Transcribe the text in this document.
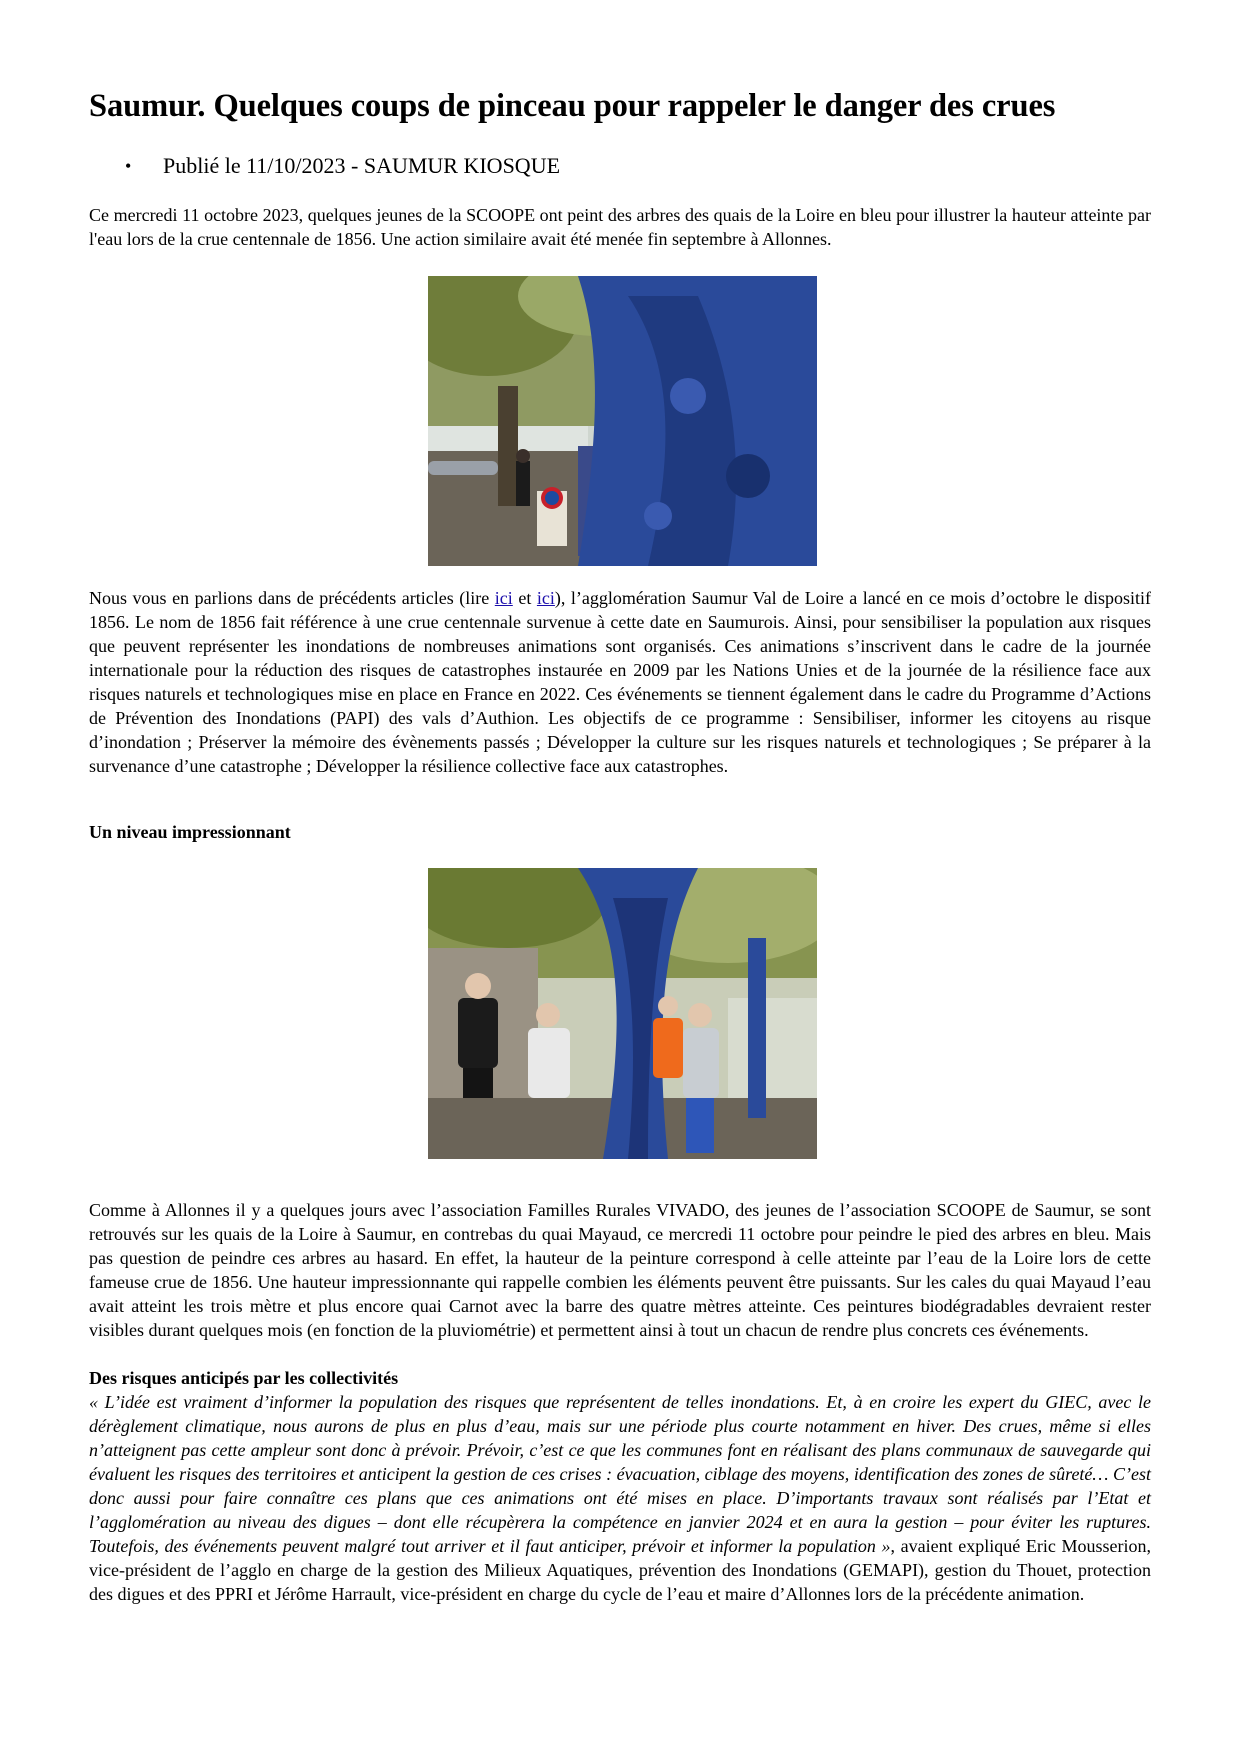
Saumur. Quelques coups de pinceau pour rappeler le danger des crues
• Publié le 11/10/2023 - SAUMUR KIOSQUE

Ce mercredi 11 octobre 2023, quelques jeunes de la SCOOPE ont peint des arbres des quais de la Loire en bleu pour illustrer la hauteur atteinte par l'eau lors de la crue centennale de 1856. Une action similaire avait été menée fin septembre à Allonnes.

Nous vous en parlions dans de précédents articles (lire ici et ici), l’agglomération Saumur Val de Loire a lancé en ce mois d’octobre le dispositif 1856. Le nom de 1856 fait référence à une crue centennale survenue à cette date en Saumurois. Ainsi, pour sensibiliser la population aux risques que peuvent représenter les inondations de nombreuses animations sont organisés. Ces animations s’inscrivent dans le cadre de la journée internationale pour la réduction des risques de catastrophes instaurée en 2009 par les Nations Unies et de la journée de la résilience face aux risques naturels et technologiques mise en place en France en 2022. Ces événements se tiennent également dans le cadre du Programme d’Actions de Prévention des Inondations (PAPI) des vals d’Authion. Les objectifs de ce programme : Sensibiliser, informer les citoyens au risque d’inondation ; Préserver la mémoire des évènements passés ; Développer la culture sur les risques naturels et technologiques ; Se préparer à la survenance d’une catastrophe ; Développer la résilience collective face aux catastrophes.

Un niveau impressionnant

Comme à Allonnes il y a quelques jours avec l’association Familles Rurales VIVADO, des jeunes de l’association SCOOPE de Saumur, se sont retrouvés sur les quais de la Loire à Saumur, en contrebas du quai Mayaud, ce mercredi 11 octobre pour peindre le pied des arbres en bleu. Mais pas question de peindre ces arbres au hasard. En effet, la hauteur de la peinture correspond à celle atteinte par l’eau de la Loire lors de cette fameuse crue de 1856. Une hauteur impressionnante qui rappelle combien les éléments peuvent être puissants. Sur les cales du quai Mayaud l’eau avait atteint les trois mètre et plus encore quai Carnot avec la barre des quatre mètres atteinte. Ces peintures biodégradables devraient rester visibles durant quelques mois (en fonction de la pluviométrie) et permettent ainsi à tout un chacun de rendre plus concrets ces événements.

Des risques anticipés par les collectivités

« L’idée est vraiment d’informer la population des risques que représentent de telles inondations. Et, à en croire les expert du GIEC, avec le dérèglement climatique, nous aurons de plus en plus d’eau, mais sur une période plus courte notamment en hiver. Des crues, même si elles n’atteignent pas cette ampleur sont donc à prévoir. Prévoir, c’est ce que les communes font en réalisant des plans communaux de sauvegarde qui évaluent les risques des territoires et anticipent la gestion de ces crises : évacuation, ciblage des moyens, identification des zones de sûreté… C’est donc aussi pour faire connaître ces plans que ces animations ont été mises en place. D’importants travaux sont réalisés par l’Etat et l’agglomération au niveau des digues – dont elle récupèrera la compétence en janvier 2024 et en aura la gestion – pour éviter les ruptures. Toutefois, des événements peuvent malgré tout arriver et il faut anticiper, prévoir et informer la population », avaient expliqué Eric Mousserion, vice-président de l’agglo en charge de la gestion des Milieux Aquatiques, prévention des Inondations (GEMAPI), gestion du Thouet, protection des digues et des PPRI et Jérôme Harrault, vice-président en charge du cycle de l’eau et maire d’Allonnes lors de la précédente animation.
